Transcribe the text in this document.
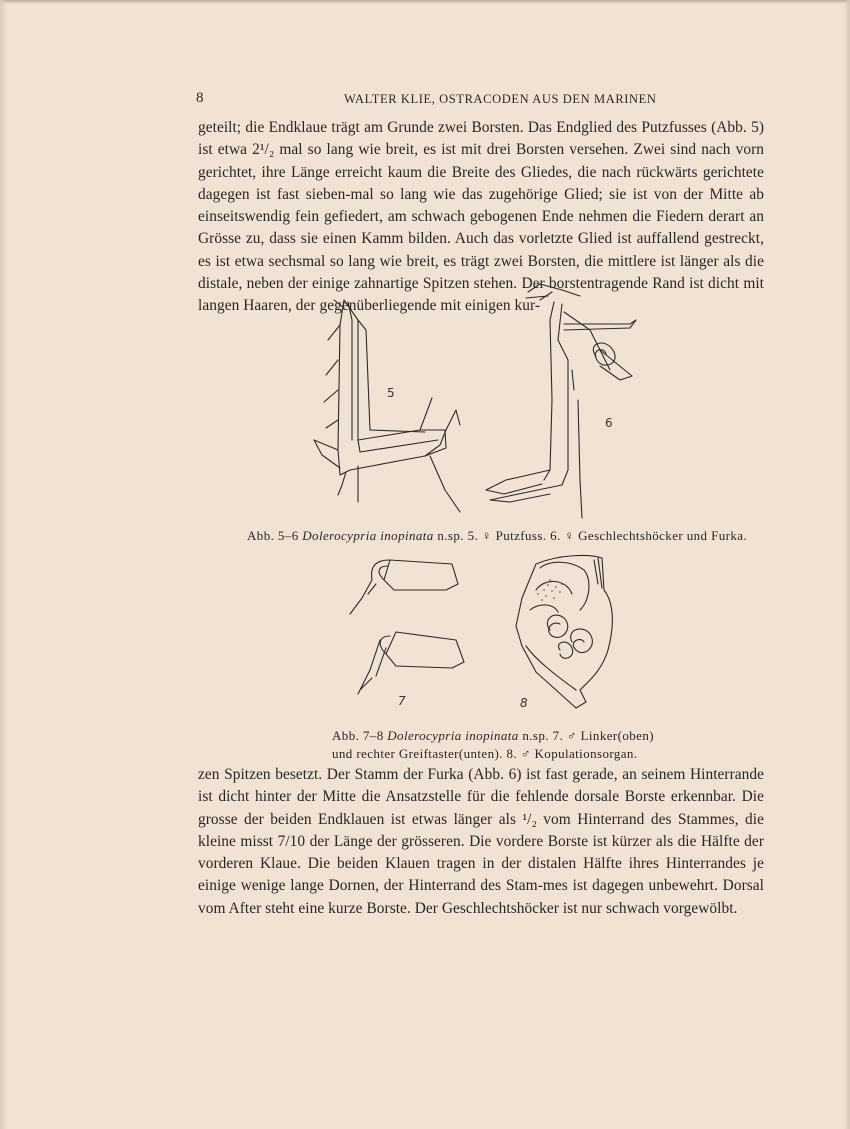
8	WALTER KLIE, OSTRACODEN AUS DEN MARINEN

geteilt; die Endklaue trägt am Grunde zwei Borsten. Das Endglied des Putzfusses (Abb. 5) ist etwa 2¹/₂ mal so lang wie breit, es ist mit drei Borsten versehen. Zwei sind nach vorn gerichtet, ihre Länge erreicht kaum die Breite des Gliedes, die nach rückwärts gerichtete dagegen ist fast sieben-mal so lang wie das zugehörige Glied; sie ist von der Mitte ab einseitswendig fein gefiedert, am schwach gebogenen Ende nehmen die Fiedern derart an Grösse zu, dass sie einen Kamm bilden. Auch das vorletzte Glied ist auffallend gestreckt, es ist etwa sechsmal so lang wie breit, es trägt zwei Borsten, die mittlere ist länger als die distale, neben der einige zahnartige Spitzen stehen. Der borstentragende Rand ist dicht mit langen Haaren, der gegenüberliegende mit einigen kur-

5
6
Abb. 5–6 Dolerocypria inopinata n.sp. 5. ♀ Putzfuss. 6. ♀ Geschlechtshöcker und Furka.
7	8
Abb. 7–8 Dolerocypria inopinata n.sp. 7. ♂ Linker(oben)
und rechter Greiftaster(unten). 8. ♂ Kopulationsorgan.

zen Spitzen besetzt. Der Stamm der Furka (Abb. 6) ist fast gerade, an seinem Hinterrande ist dicht hinter der Mitte die Ansatzstelle für die fehlende dorsale Borste erkennbar. Die grosse der beiden Endklauen ist etwas länger als ¹/₂ vom Hinterrand des Stammes, die kleine misst 7/10 der Länge der grösseren. Die vordere Borste ist kürzer als die Hälfte der vorderen Klaue. Die beiden Klauen tragen in der distalen Hälfte ihres Hinterrandes je einige wenige lange Dornen, der Hinterrand des Stam-mes ist dagegen unbewehrt. Dorsal vom After steht eine kurze Borste. Der Geschlechtshöcker ist nur schwach vorgewölbt.
